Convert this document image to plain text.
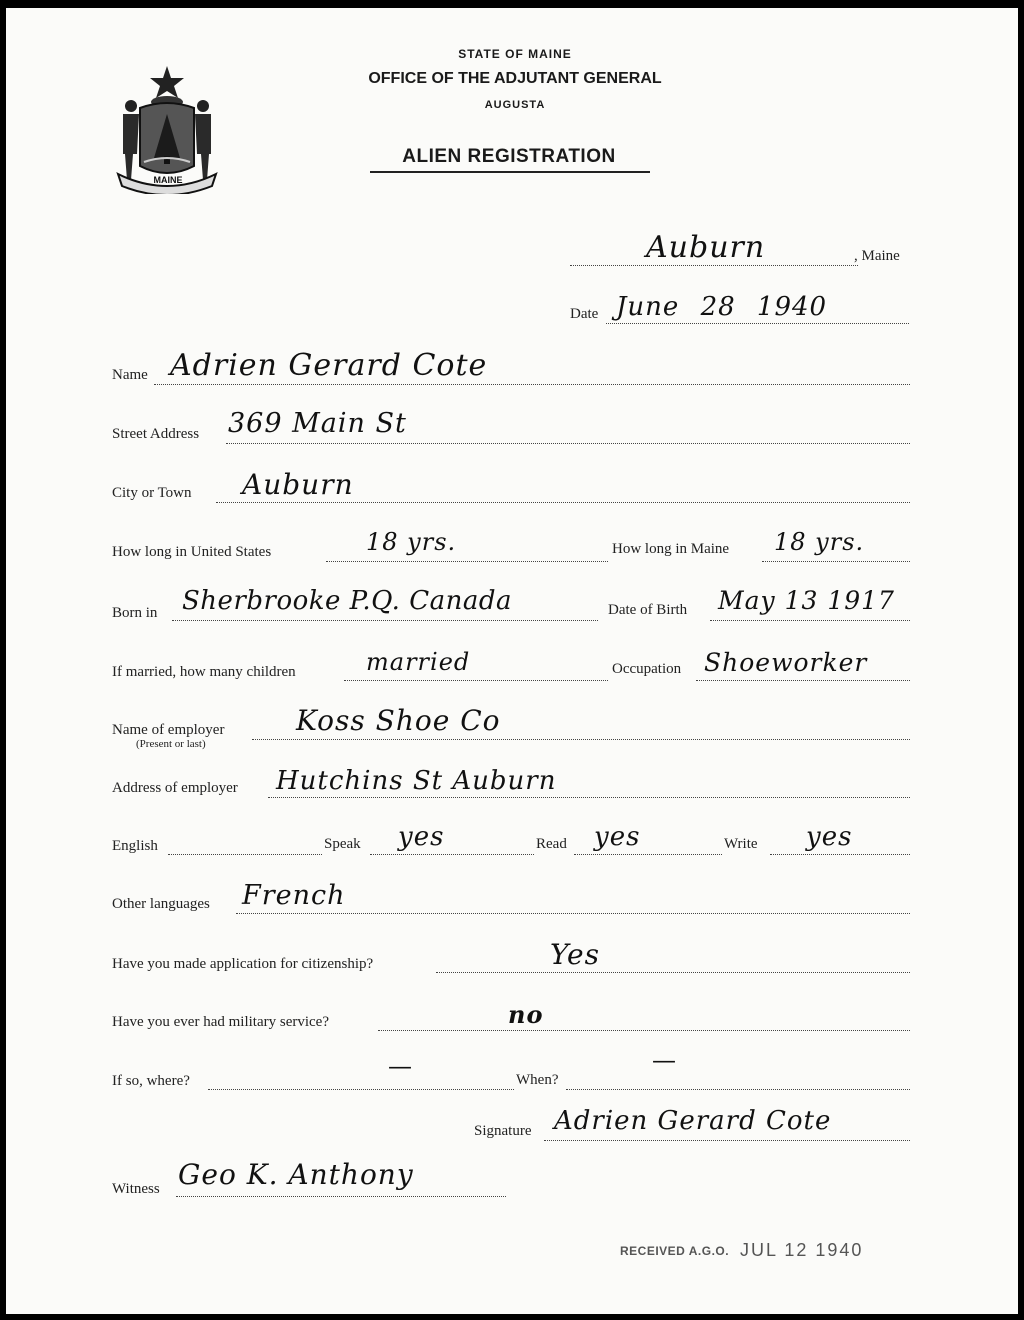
MAINE
STATE OF MAINE
OFFICE OF THE ADJUTANT GENERAL
AUGUSTA
ALIEN REGISTRATION
Auburn	, Maine
Date June 28 1940
Name Adrien Gerard Cote
Street Address 369 Main St
City or Town Auburn
How long in United States	18 yrs.	How long in Maine 18 yrs.
Born in Sherbrooke P.Q. Canada	Date of Birth May 13 1917
If married, how many children	married	Occupation Shoeworker
Name of employer
(Present or last)
Koss Shoe Co
Address of employer Hutchins St Auburn
English	Speak yes	Read yes	Write yes
Other languages French
Have you made application for citizenship?	Yes
Have you ever had military service?	no
—	—
If so, where?	When?
Signature Adrien Gerard Cote
Witness Geo K. Anthony
RECEIVED A.G.O. JUL 12 1940
